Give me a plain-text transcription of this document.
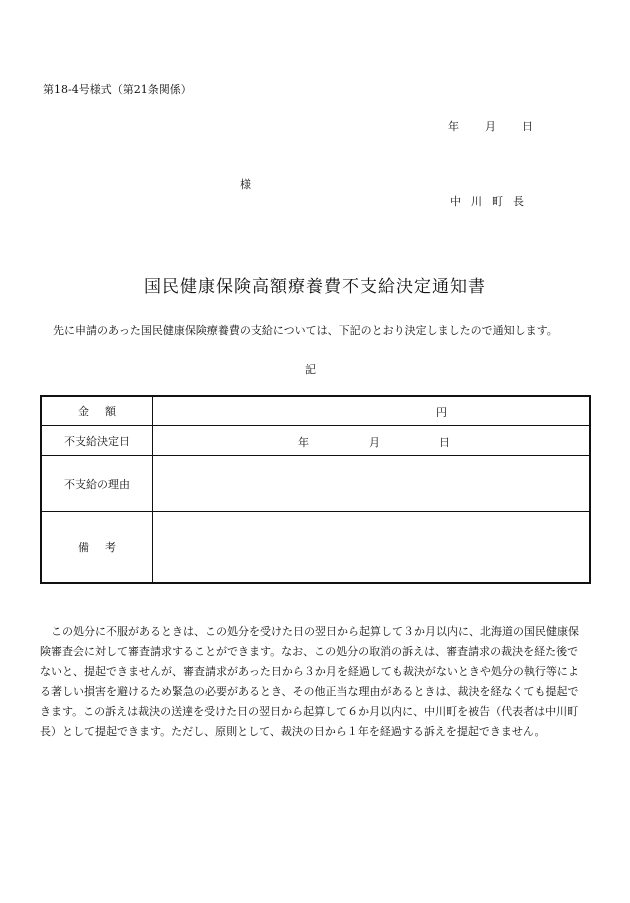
第18-4号様式（第21条関係）
年 月 日
様
中川町長
国民健康保険高額療養費不支給決定通知書
先に申請のあった国民健康保険療養費の支給については、下記のとおり決定しましたので通知します。
記
金額	円

不支給決定日	年 月 日

不支給の理由	
備考	
この処分に不服があるときは、この処分を受けた日の翌日から起算して３か月以内に、北海道の国民健康保険審査会に対して審査請求することができます。なお、この処分の取消の訴えは、審査請求の裁決を経た後でないと、提起できませんが、審査請求があった日から３か月を経過しても裁決がないときや処分の執行等による著しい損害を避けるため緊急の必要があるとき、その他正当な理由があるときは、裁決を経なくても提起できます。この訴えは裁決の送達を受けた日の翌日から起算して６か月以内に、中川町を被告（代表者は中川町長）として提起できます。ただし、原則として、裁決の日から１年を経過する訴えを提起できません。
